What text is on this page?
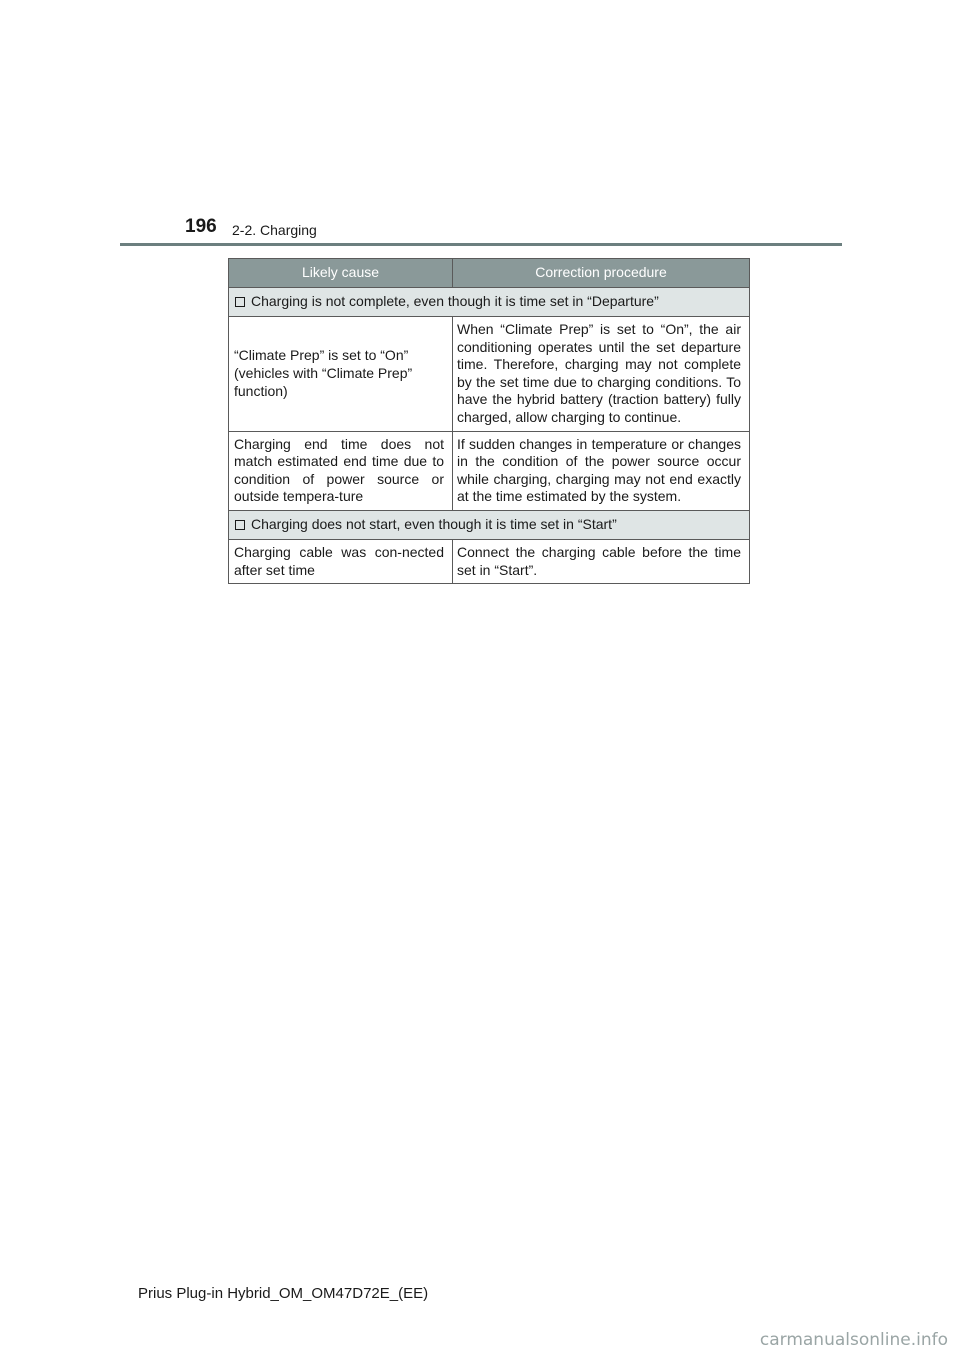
196 2-2. Charging
Likely cause	Correction procedure
Charging is not complete, even though it is time set in “Departure”	
“Climate Prep” is set to “On” (vehicles with “Climate Prep” function)	When “Climate Prep” is set to “On”, the air conditioning operates until the set departure time. Therefore, charging may not complete by the set time due to charging conditions. To have the hybrid battery (traction battery) fully charged, allow charging to continue.
Charging end time does not match estimated end time due to condition of power source or outside tempera-ture	If sudden changes in temperature or changes in the condition of the power source occur while charging, charging may not end exactly at the time estimated by the system.
Charging does not start, even though it is time set in “Start”	
Charging cable was con-nected after set time	Connect the charging cable before the time set in “Start”.
Prius Plug-in Hybrid_OM_OM47D72E_(EE)
carmanualsonline.info
